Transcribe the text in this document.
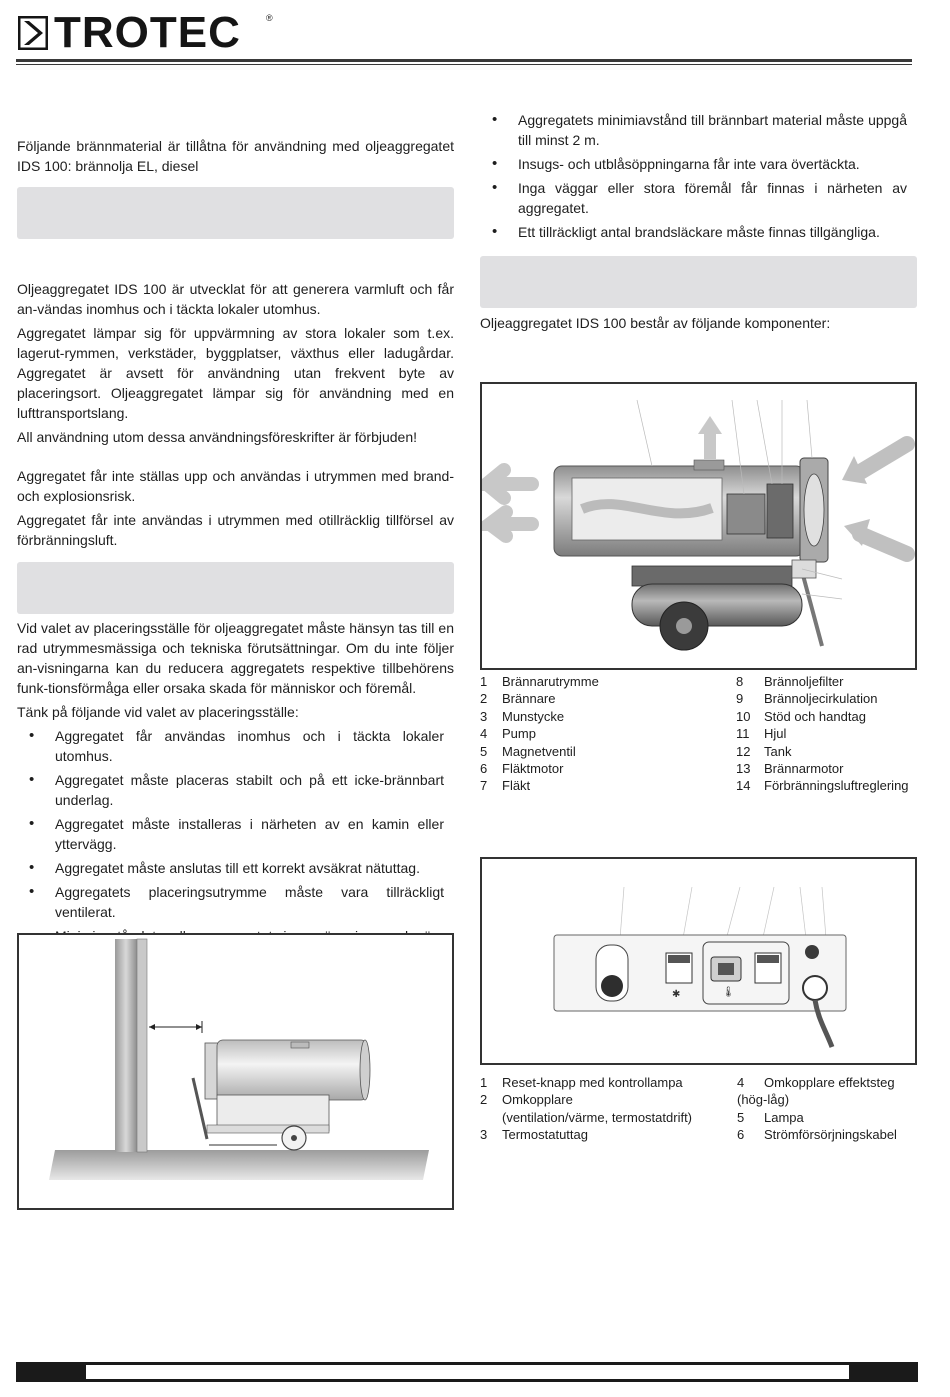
TROTEC	®

Följande brännmaterial är tillåtna för användning med oljeaggregatet IDS 100: brännolja EL, diesel

Oljeaggregatet IDS 100 är utvecklat för att generera varmluft och får an-vändas inomhus och i täckta lokaler utomhus.

Aggregatet lämpar sig för uppvärmning av stora lokaler som t.ex. lagerut-rymmen, verkstäder, byggplatser, växthus eller ladugårdar. Aggregatet är avsett för användning utan frekvent byte av placeringsort. Oljeaggregatet lämpar sig för användning med en lufttransportslang.

All användning utom dessa användningsföreskrifter är förbjuden!

Aggregatet får inte ställas upp och användas i utrymmen med brand- och explosionsrisk.

Aggregatet får inte användas i utrymmen med otillräcklig tillförsel av förbränningsluft.

Vid valet av placeringsställe för oljeaggregatet måste hänsyn tas till en rad utrymmesmässiga och tekniska förutsättningar. Om du inte följer an-visningarna kan du reducera aggregatets respektive tillbehörens funk-tionsförmåga eller orsaka skada för människor och föremål.

Tänk på följande vid valet av placeringsställe:

• Aggregatet får användas inomhus och i täckta lokaler utomhus.
• Aggregatet måste placeras stabilt och på ett icke-brännbart underlag.
• Aggregatet måste installeras i närheten av en kamin eller yttervägg.
• Aggregatet måste anslutas till ett korrekt avsäkrat nätuttag.
• Aggregatets placeringsutrymme måste vara tillräckligt ventilerat.
•
• Aggregatets minimiavstånd till brännbart material måste uppgå till minst 2 m.
• Insugs- och utblåsöppningarna får inte vara övertäckta.
• Inga väggar eller stora föremål får finnas i närheten av aggregatet.
• Ett tillräckligt antal brandsläckare måste finnas tillgängliga.

Oljeaggregatet IDS 100 består av följande komponenter:

1 Brännarutrymme
2 Brännare
3 Munstycke
4 Pump
5 Magnetventil
6 Fläktmotor
7 Fläkt
8 Brännoljefilter
9 Brännoljecirkulation
10 Stöd och handtag
11 Hjul
12 Tank
13 Brännarmotor
14 Förbränningsluftreglering
✱	🌡
1 Reset-knapp med kontrollampa
2 Omkopplare
(ventilation/värme, termostatdrift)
3 Termostatuttag
4 Omkopplare effektsteg
(hög-låg)
5 Lampa
6 Strömförsörjningskabel
